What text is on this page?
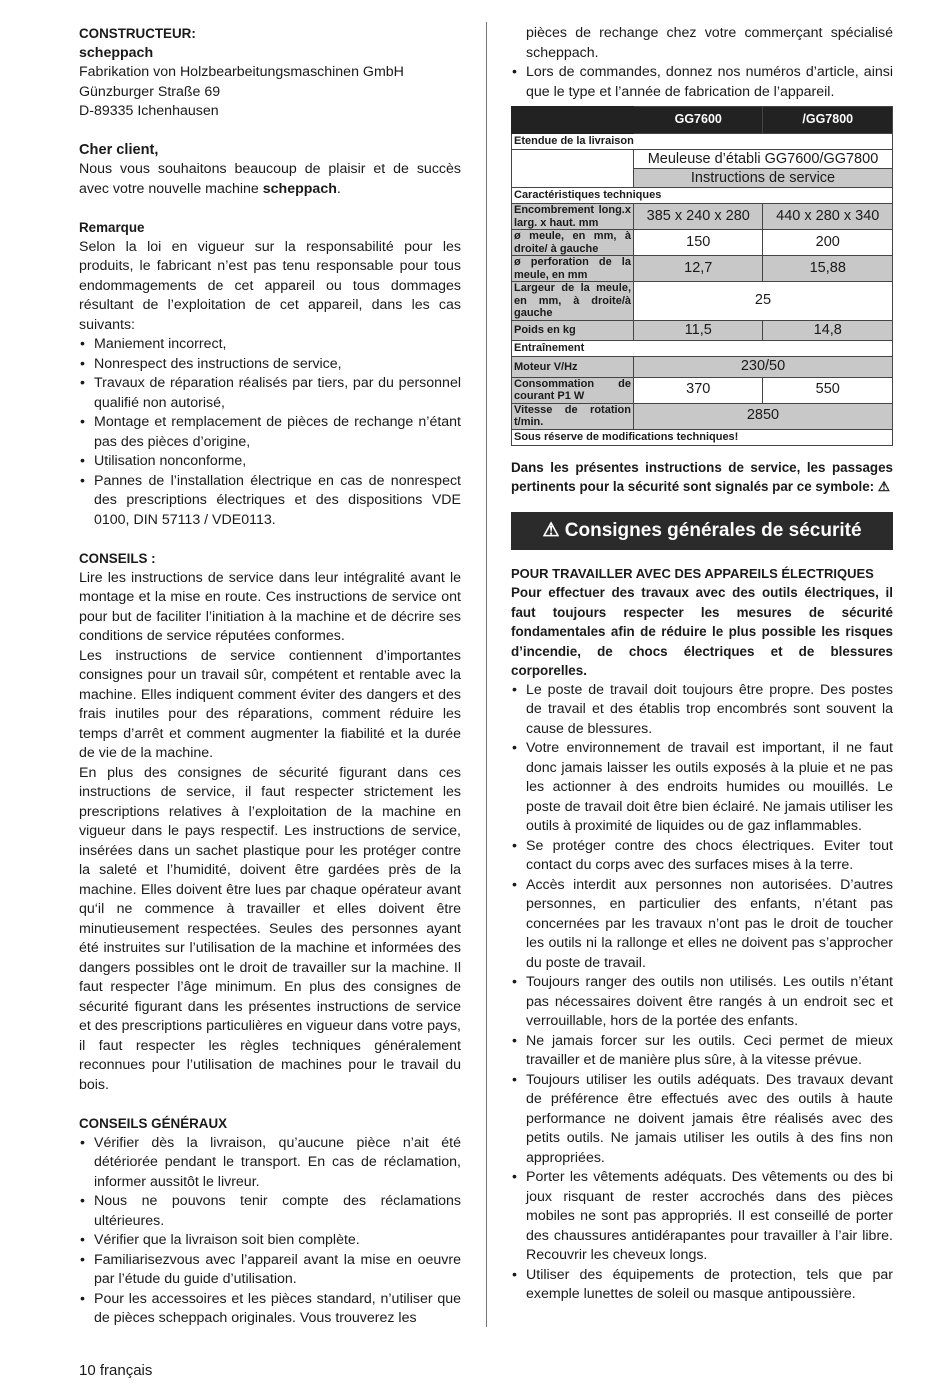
CONSTRUCTEUR:
scheppach
Fabrikation von Holzbearbeitungsmaschinen GmbH
Günzburger Straße 69
D-89335 Ichenhausen
Cher client,

Nous vous souhaitons beaucoup de plaisir et de succès avec votre nouvelle machine scheppach.

Remarque

Selon la loi en vigueur sur la responsabilité pour les produits, le fabricant n’est pas tenu responsable pour tous endommagements de cet appareil ou tous dommages résultant de l’exploitation de cet appareil, dans les cas suivants:

• Maniement incorrect,
• Nonrespect des instructions de service,
• Travaux de réparation réalisés par tiers, par du personnel qualifié non autorisé,
• Montage et remplacement de pièces de rechange n’étant pas des pièces d’origine,
• Utilisation nonconforme,
• Pannes de l’installation électrique en cas de nonrespect des prescriptions électriques et des dispositions VDE 0100, DIN 57113 / VDE0113.
CONSEILS :

Lire les instructions de service dans leur intégralité avant le montage et la mise en route. Ces instructions de service ont pour but de faciliter l’initiation à la machine et de décrire ses conditions de service réputées conformes.

Les instructions de service contiennent d’importantes consignes pour un travail sûr, compétent et rentable avec la machine. Elles indiquent comment éviter des dangers et des frais inutiles pour des réparations, comment réduire les temps d’arrêt et comment augmenter la fiabilité et la durée de vie de la machine.

En plus des consignes de sécurité figurant dans ces instructions de service, il faut respecter strictement les prescriptions relatives à l’exploitation de la machine en vigueur dans le pays respectif. Les instructions de service, insérées dans un sachet plastique pour les protéger contre la saleté et l’humidité, doivent être gardées près de la machine. Elles doivent être lues par chaque opérateur avant qu‘il ne commence à travailler et elles doivent être minutieusement respectées. Seules des personnes ayant été instruites sur l’utilisation de la machine et informées des dangers possibles ont le droit de travailler sur la machine. Il faut respecter l’âge minimum. En plus des consignes de sécurité figurant dans les présentes instructions de service et des prescriptions particulières en vigueur dans votre pays, il faut respecter les règles techniques généralement reconnues pour l’utilisation de machines pour le travail du bois.

CONSEILS GÉNÉRAUX
• Vérifier dès la livraison, qu’aucune pièce n’ait été détériorée pendant le transport. En cas de réclamation, informer aussitôt le livreur.
• Nous ne pouvons tenir compte des réclamations ultérieures.
• Vérifier que la livraison soit bien complète.
• Familiarisezvous avec l’appareil avant la mise en oeuvre par l’étude du guide d’utilisation.
• Pour les accessoires et les pièces standard, n’utiliser que de pièces scheppach originales. Vous trouverez les

pièces de rechange chez votre commerçant spécialisé scheppach.

• Lors de commandes, donnez nos numéros d’article, ainsi que le type et l’année de fabrication de l’appareil.
	GG7600	/GG7800
Etendue de la livraison		
	Meuleuse d’établi GG7600/GG7800	
	Instructions de service	
Caractéristiques techniques		
Encombrement long.x larg. x haut. mm	385 x 240 x 280	440 x 280 x 340
ø meule, en mm, à droite/ à gauche	150	200
ø perforation de la meule, en mm	12,7	15,88
Largeur de la meule, en mm, à droite/à gauche	25	
Poids en kg	11,5	14,8
Entraînement		
Moteur V/Hz	230/50	
Consommation de courant P1 W	370	550
Vitesse de rotation t/min.	2850	
Sous réserve de modifications techniques!		

Dans les présentes instructions de service, les passages pertinents pour la sécurité sont signalés par ce symbole: ⚠

⚠ Consignes générales de sécurité
POUR TRAVAILLER AVEC DES APPAREILS ÉLECTRIQUES

Pour effectuer des travaux avec des outils électriques, il faut toujours respecter les mesures de sécurité fondamentales afin de réduire le plus possible les risques d’incendie, de chocs électriques et de blessures corporelles.

• Le poste de travail doit toujours être propre. Des postes de travail et des établis trop encombrés sont souvent la cause de blessures.
• Votre environnement de travail est important, il ne faut donc jamais laisser les outils exposés à la pluie et ne pas les actionner à des endroits humides ou mouillés. Le poste de travail doit être bien éclairé. Ne jamais utiliser les outils à proximité de liquides ou de gaz inflammables.
• Se protéger contre des chocs électriques. Eviter tout contact du corps avec des surfaces mises à la terre.
• Accès interdit aux personnes non autorisées. D’autres personnes, en particulier des enfants, n’étant pas concernées par les travaux n’ont pas le droit de toucher les outils ni la rallonge et elles ne doivent pas s’approcher du poste de travail.
• Toujours ranger des outils non utilisés. Les outils n’étant pas nécessaires doivent être rangés à un endroit sec et verrouillable, hors de la portée des enfants.
• Ne jamais forcer sur les outils. Ceci permet de mieux travailler et de manière plus sûre, à la vitesse prévue.
• Toujours utiliser les outils adéquats. Des travaux devant de préférence être effectués avec des outils à haute performance ne doivent jamais être réalisés avec des petits outils. Ne jamais utiliser les outils à des fins non appropriées.
• Porter les vêtements adéquats. Des vêtements ou des bi joux risquant de rester accrochés dans des pièces mobiles ne sont pas appropriés. Il est conseillé de porter des chaussures antidérapantes pour travailler à l’air libre. Recouvrir les cheveux longs.
• Utiliser des équipements de protection, tels que par exemple lunettes de soleil ou masque antipoussière.
10 français
